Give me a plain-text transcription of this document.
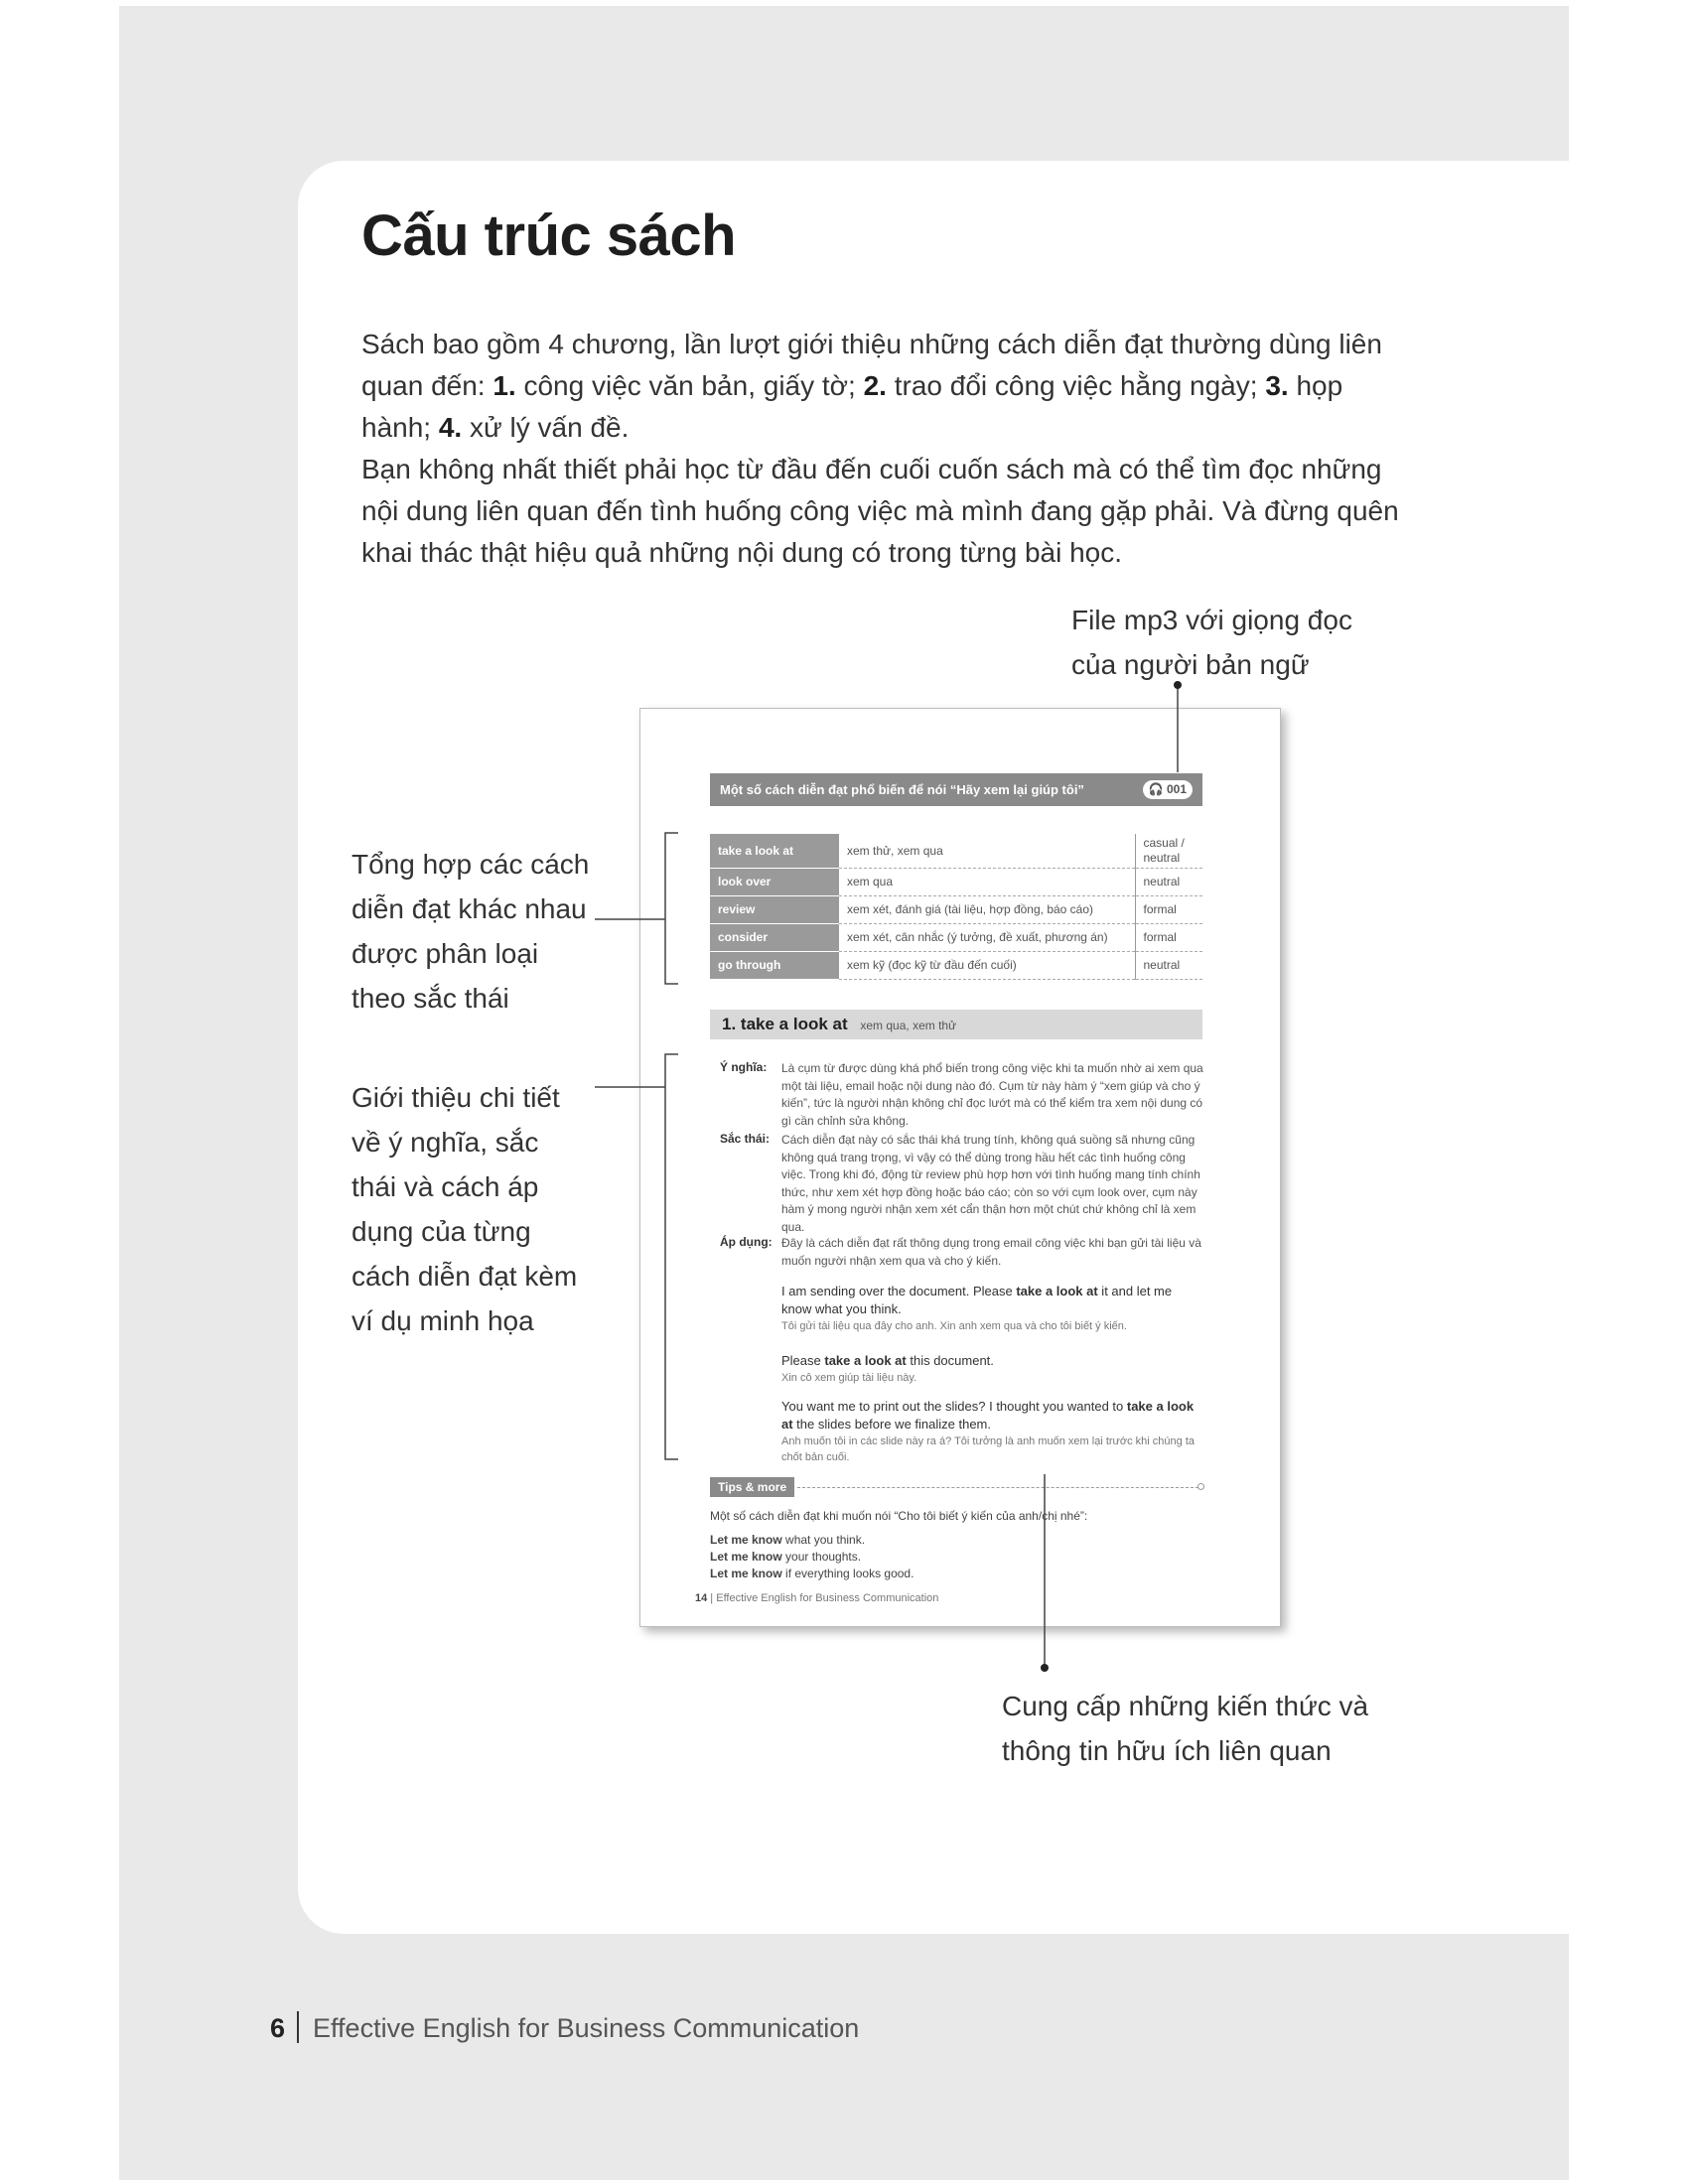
Cấu trúc sách

Sách bao gồm 4 chương, lần lượt giới thiệu những cách diễn đạt thường dùng liên quan đến: 1. công việc văn bản, giấy tờ; 2. trao đổi công việc hằng ngày; 3. họp hành; 4. xử lý vấn đề.

Bạn không nhất thiết phải học từ đầu đến cuối cuốn sách mà có thể tìm đọc những nội dung liên quan đến tình huống công việc mà mình đang gặp phải. Và đừng quên khai thác thật hiệu quả những nội dung có trong từng bài học.

File mp3 với giọng đọc
của người bản ngữ
Tổng hợp các cách
diễn đạt khác nhau
được phân loại
theo sắc thái
Giới thiệu chi tiết
về ý nghĩa, sắc
thái và cách áp
dụng của từng
cách diễn đạt kèm
ví dụ minh họa
Cung cấp những kiến thức và
thông tin hữu ích liên quan
Một số cách diễn đạt phổ biến để nói “Hãy xem lại giúp tôi”	🎧 001
take a look at	xem thử, xem qua	casual / neutral
look over	xem qua	neutral
review	xem xét, đánh giá (tài liệu, hợp đồng, báo cáo)	formal
consider	xem xét, cân nhắc (ý tưởng, đề xuất, phương án)	formal
go through	xem kỹ (đọc kỹ từ đầu đến cuối)	neutral
1. take a look at xem qua, xem thử
Ý nghĩa: Là cụm từ được dùng khá phổ biến trong công việc khi ta muốn nhờ ai xem qua một tài liệu, email hoặc nội dung nào đó. Cụm từ này hàm ý “xem giúp và cho ý kiến”, tức là người nhận không chỉ đọc lướt mà có thể kiểm tra xem nội dung có gì cần chỉnh sửa không.
Sắc thái: Cách diễn đạt này có sắc thái khá trung tính, không quá suồng sã nhưng cũng không quá trang trọng, vì vậy có thể dùng trong hầu hết các tình huống công việc. Trong khi đó, động từ review phù hợp hơn với tình huống mang tính chính thức, như xem xét hợp đồng hoặc báo cáo; còn so với cụm look over, cụm này hàm ý mong người nhận xem xét cẩn thận hơn một chút chứ không chỉ là xem qua.
Áp dụng: Đây là cách diễn đạt rất thông dụng trong email công việc khi bạn gửi tài liệu và muốn người nhận xem qua và cho ý kiến.
I am sending over the document. Please take a look at it and let me know what you think.
Tôi gửi tài liệu qua đây cho anh. Xin anh xem qua và cho tôi biết ý kiến.
Please take a look at this document.
Xin cô xem giúp tài liệu này.
You want me to print out the slides? I thought you wanted to take a look at the slides before we finalize them.
Anh muốn tôi in các slide này ra á? Tôi tưởng là anh muốn xem lại trước khi chúng ta chốt bản cuối.
Tips & more
Một số cách diễn đạt khi muốn nói “Cho tôi biết ý kiến của anh/chị nhé”:
Let me know what you think.
Let me know your thoughts.
Let me know if everything looks good.
14 | Effective English for Business Communication
6 Effective English for Business Communication
